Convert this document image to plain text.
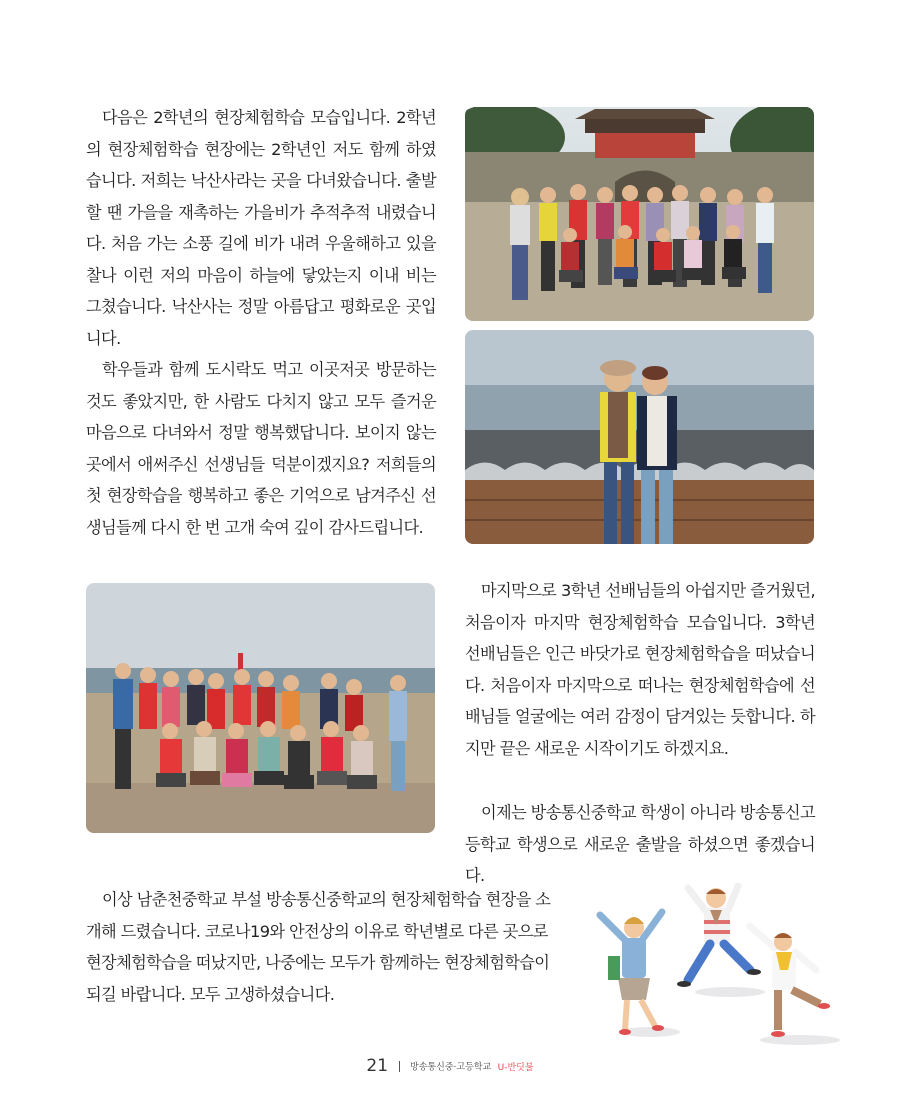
다음은 2학년의 현장체험학습 모습입니다. 2학년의 현장체험학습 현장에는 2학년인 저도 함께 하였습니다. 저희는 낙산사라는 곳을 다녀왔습니다. 출발할 땐 가을을 재촉하는 가을비가 추적추적 내렸습니다. 처음 가는 소풍 길에 비가 내려 우울해하고 있을 찰나 이런 저의 마음이 하늘에 닿았는지 이내 비는 그쳤습니다. 낙산사는 정말 아름답고 평화로운 곳입니다.

학우들과 함께 도시락도 먹고 이곳저곳 방문하는 것도 좋았지만, 한 사람도 다치지 않고 모두 즐거운 마음으로 다녀와서 정말 행복했답니다. 보이지 않는 곳에서 애써주신 선생님들 덕분이겠지요? 저희들의 첫 현장학습을 행복하고 좋은 기억으로 남겨주신 선생님들께 다시 한 번 고개 숙여 깊이 감사드립니다.

마지막으로 3학년 선배님들의 아쉽지만 즐거웠던, 처음이자 마지막 현장체험학습 모습입니다. 3학년 선배님들은 인근 바닷가로 현장체험학습을 떠났습니다. 처음이자 마지막으로 떠나는 현장체험학습에 선배님들 얼굴에는 여러 감정이 담겨있는 듯합니다. 하지만 끝은 새로운 시작이기도 하겠지요.

이제는 방송통신중학교 학생이 아니라 방송통신고등학교 학생으로 새로운 출발을 하셨으면 좋겠습니다.

이상 남춘천중학교 부설 방송통신중학교의 현장체험학습 현장을 소개해 드렸습니다. 코로나19와 안전상의 이유로 학년별로 다른 곳으로 현장체험학습을 떠났지만, 나중에는 모두가 함께하는 현장체험학습이 되길 바랍니다. 모두 고생하셨습니다.

21 방송통신중·고등학교 U-반딧불
